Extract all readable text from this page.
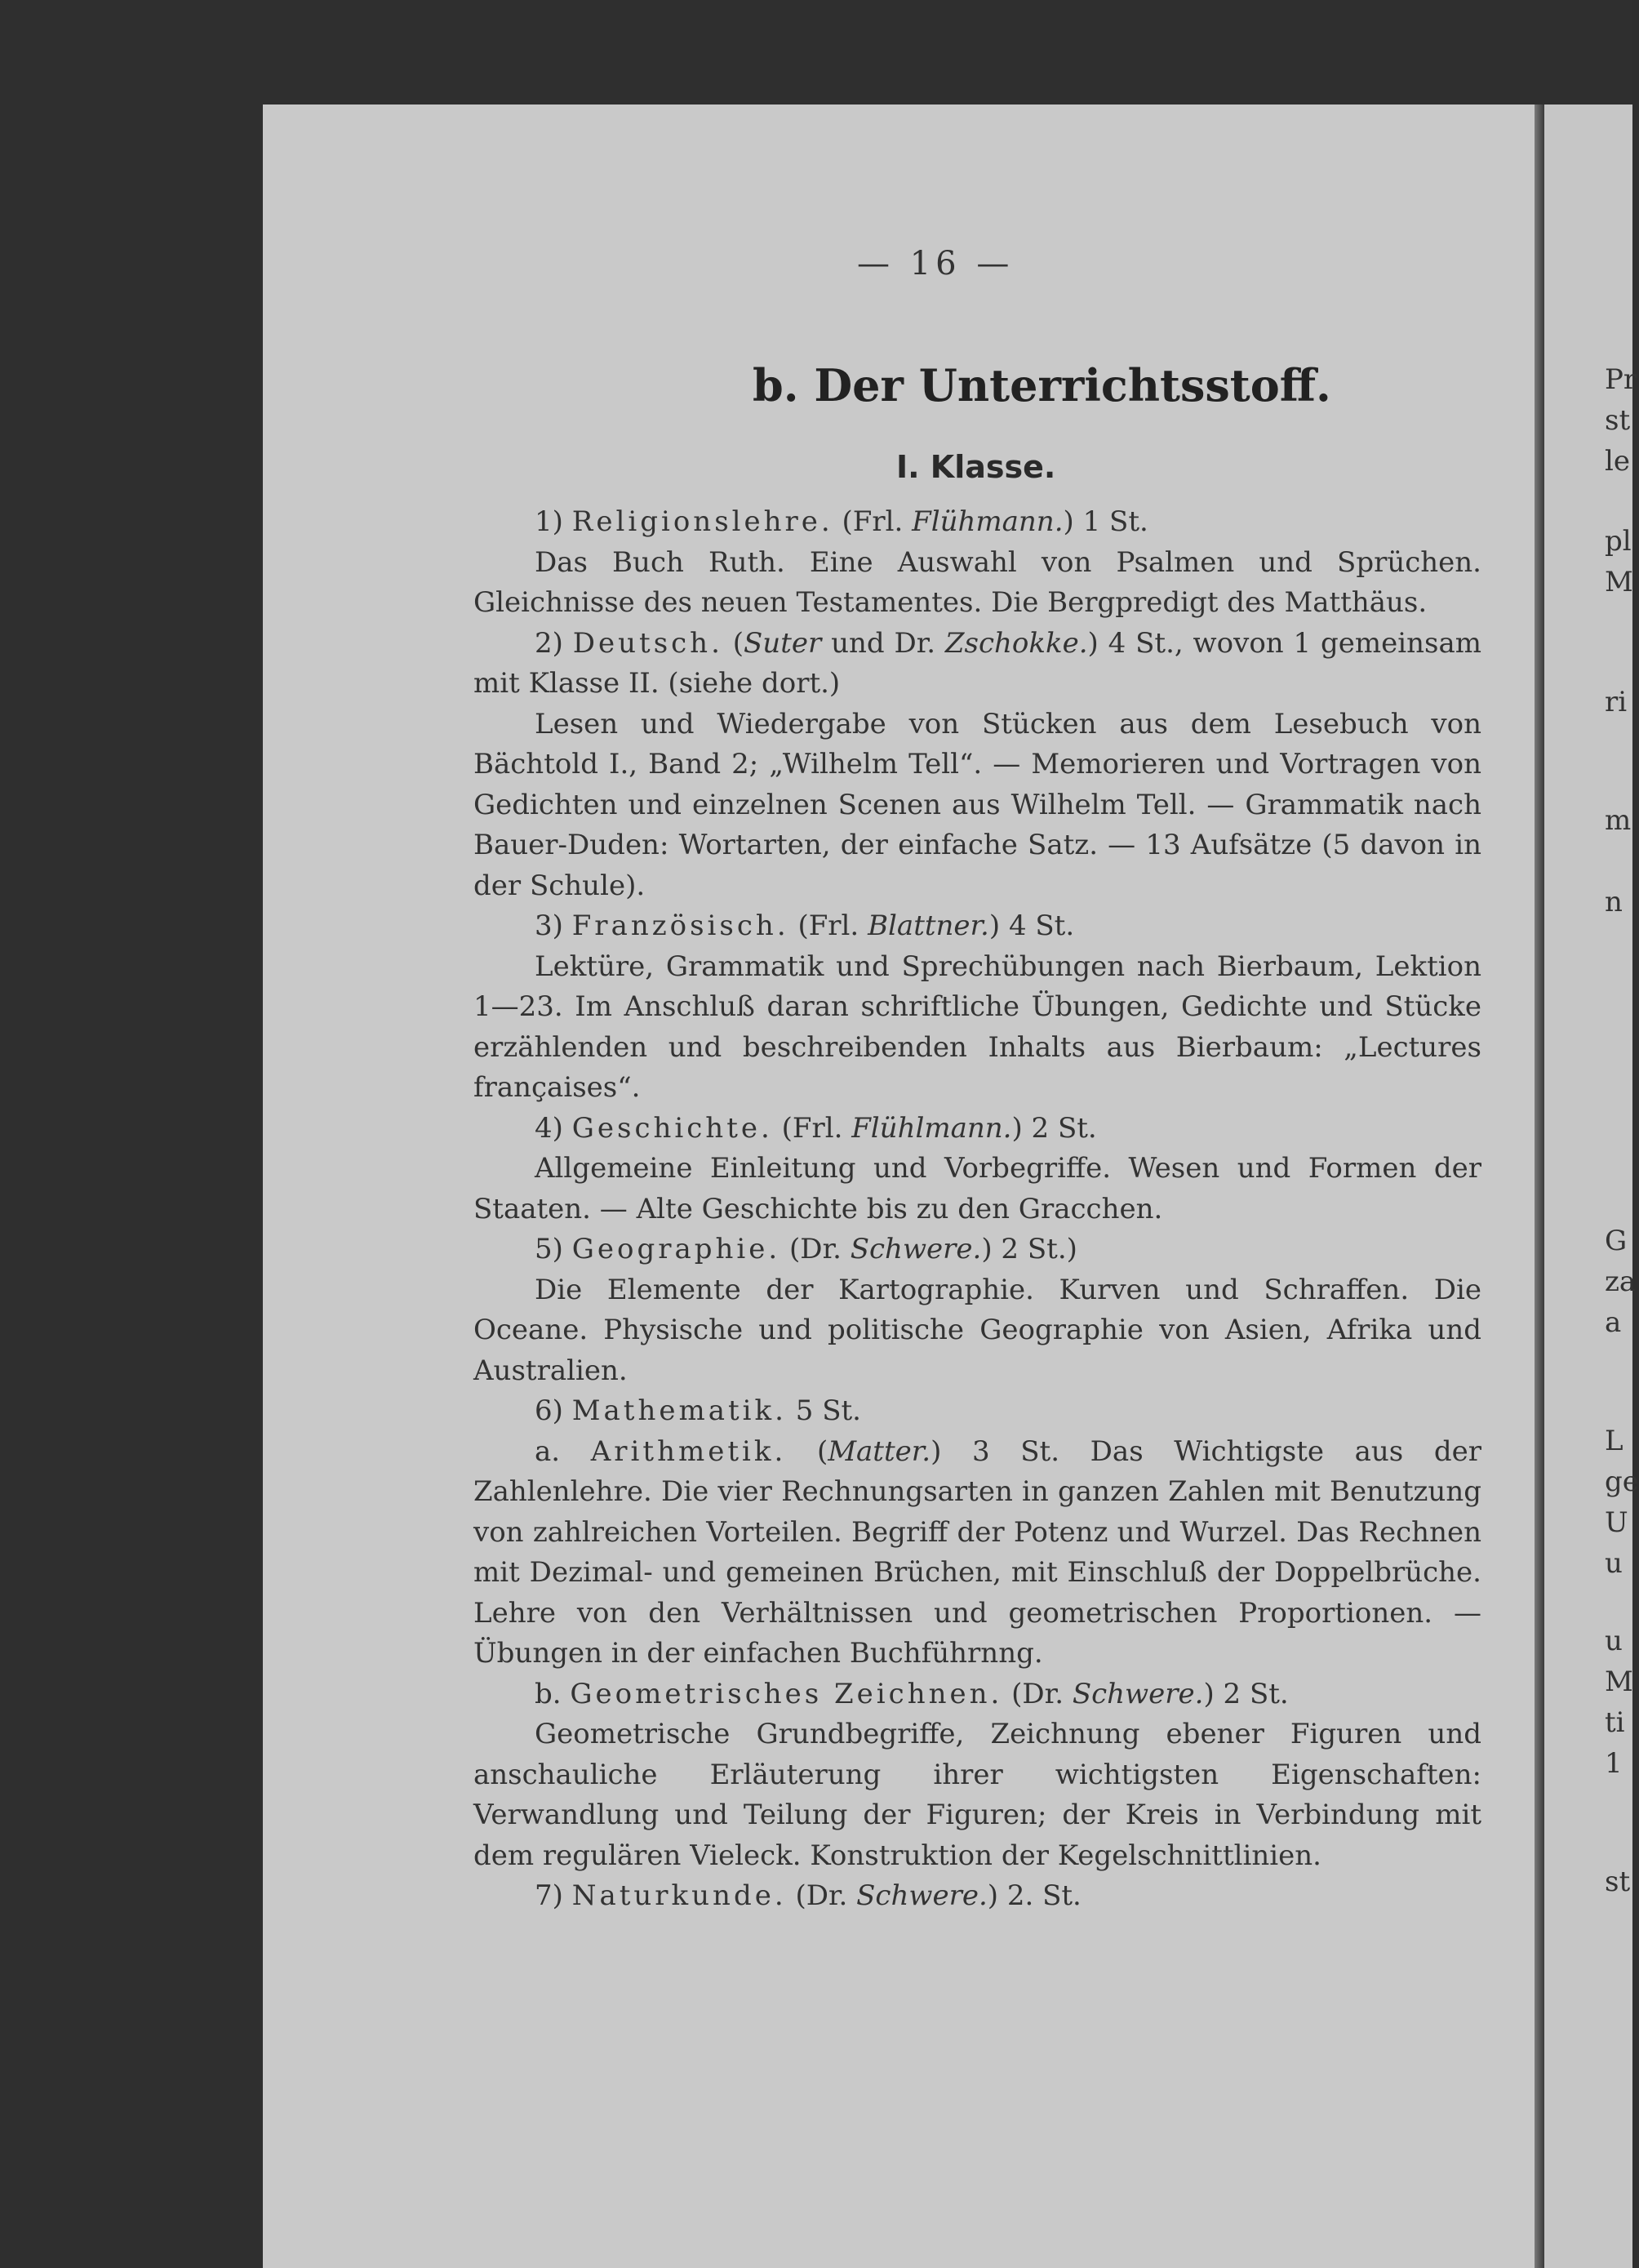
— 16 —
b. Der Unterrichtsstoff.
I. Klasse.

1) Religionslehre. (Frl. Flühmann.) 1 St.

Das Buch Ruth. Eine Auswahl von Psalmen und Sprüchen. Gleichnisse des neuen Testamentes. Die Bergpredigt des Matthäus.

2) Deutsch. (Suter und Dr. Zschokke.) 4 St., wovon 1 gemeinsam mit Klasse II. (siehe dort.)

Lesen und Wiedergabe von Stücken aus dem Lesebuch von Bächtold I., Band 2; „Wilhelm Tell“. — Memorieren und Vortragen von Gedichten und einzelnen Scenen aus Wilhelm Tell. — Grammatik nach Bauer-Duden: Wortarten, der einfache Satz. — 13 Aufsätze (5 davon in der Schule).

3) Französisch. (Frl. Blattner.) 4 St.

Lektüre, Grammatik und Sprechübungen nach Bierbaum, Lektion 1—23. Im Anschluß daran schriftliche Übungen, Gedichte und Stücke erzählenden und beschreibenden Inhalts aus Bierbaum: „Lectures françaises“.

4) Geschichte. (Frl. Flühlmann.) 2 St.

Allgemeine Einleitung und Vorbegriffe. Wesen und Formen der Staaten. — Alte Geschichte bis zu den Gracchen.

5) Geographie. (Dr. Schwere.) 2 St.)

Die Elemente der Kartographie. Kurven und Schraffen. Die Oceane. Physische und politische Geographie von Asien, Afrika und Australien.

6) Mathematik. 5 St.

a. Arithmetik. (Matter.) 3 St. Das Wichtigste aus der Zahlenlehre. Die vier Rechnungsarten in ganzen Zahlen mit Benutzung von zahlreichen Vorteilen. Begriff der Potenz und Wurzel. Das Rechnen mit Dezimal- und gemeinen Brüchen, mit Einschluß der Doppelbrüche. Lehre von den Verhältnissen und geometrischen Proportionen. — Übungen in der einfachen Buchführnng.

b. Geometrisches Zeichnen. (Dr. Schwere.) 2 St.

Geometrische Grundbegriffe, Zeichnung ebener Figuren und anschauliche Erläuterung ihrer wichtigsten Eigenschaften: Verwandlung und Teilung der Figuren; der Kreis in Verbindung mit dem regulären Vieleck. Konstruktion der Kegelschnittlinien.

7) Naturkunde. (Dr. Schwere.) 2. St.

Pr
st
le
pl
M
ri
m
n
G
za
a
L
ge
U
u
u
M
ti
1
st
